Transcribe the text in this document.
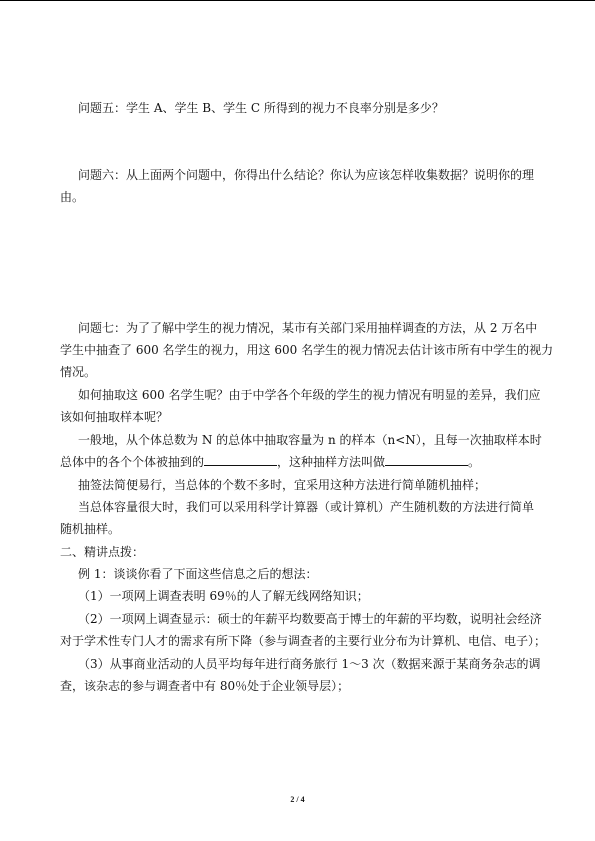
问题五：学生 A、学生 B、学生 C 所得到的视力不良率分别是多少？

问题六：从上面两个问题中，你得出什么结论？你认为应该怎样收集数据？说明你的理

由。

问题七：为了了解中学生的视力情况，某市有关部门采用抽样调查的方法，从 2 万名中

学生中抽查了 600 名学生的视力，用这 600 名学生的视力情况去估计该市所有中学生的视力

情况。

如何抽取这 600 名学生呢？由于中学各个年级的学生的视力情况有明显的差异，我们应

该如何抽取样本呢？

一般地，从个体总数为 N 的总体中抽取容量为 n 的样本（n<N），且每一次抽取样本时

总体中的各个个体被抽到的	，这种抽样方法叫做	。

抽签法简便易行，当总体的个数不多时，宜采用这种方法进行简单随机抽样；

当总体容量很大时，我们可以采用科学计算器（或计算机）产生随机数的方法进行简单

随机抽样。

二、精讲点拨：

例 1：谈谈你看了下面这些信息之后的想法：

（1）一项网上调查表明 69％的人了解无线网络知识；

（2）一项网上调查显示：硕士的年薪平均数要高于博士的年薪的平均数，说明社会经济

对于学术性专门人才的需求有所下降（参与调查者的主要行业分布为计算机、电信、电子）；

（3）从事商业活动的人员平均每年进行商务旅行 1～3 次（数据来源于某商务杂志的调

查，该杂志的参与调查者中有 80％处于企业领导层）；

2 / 4
